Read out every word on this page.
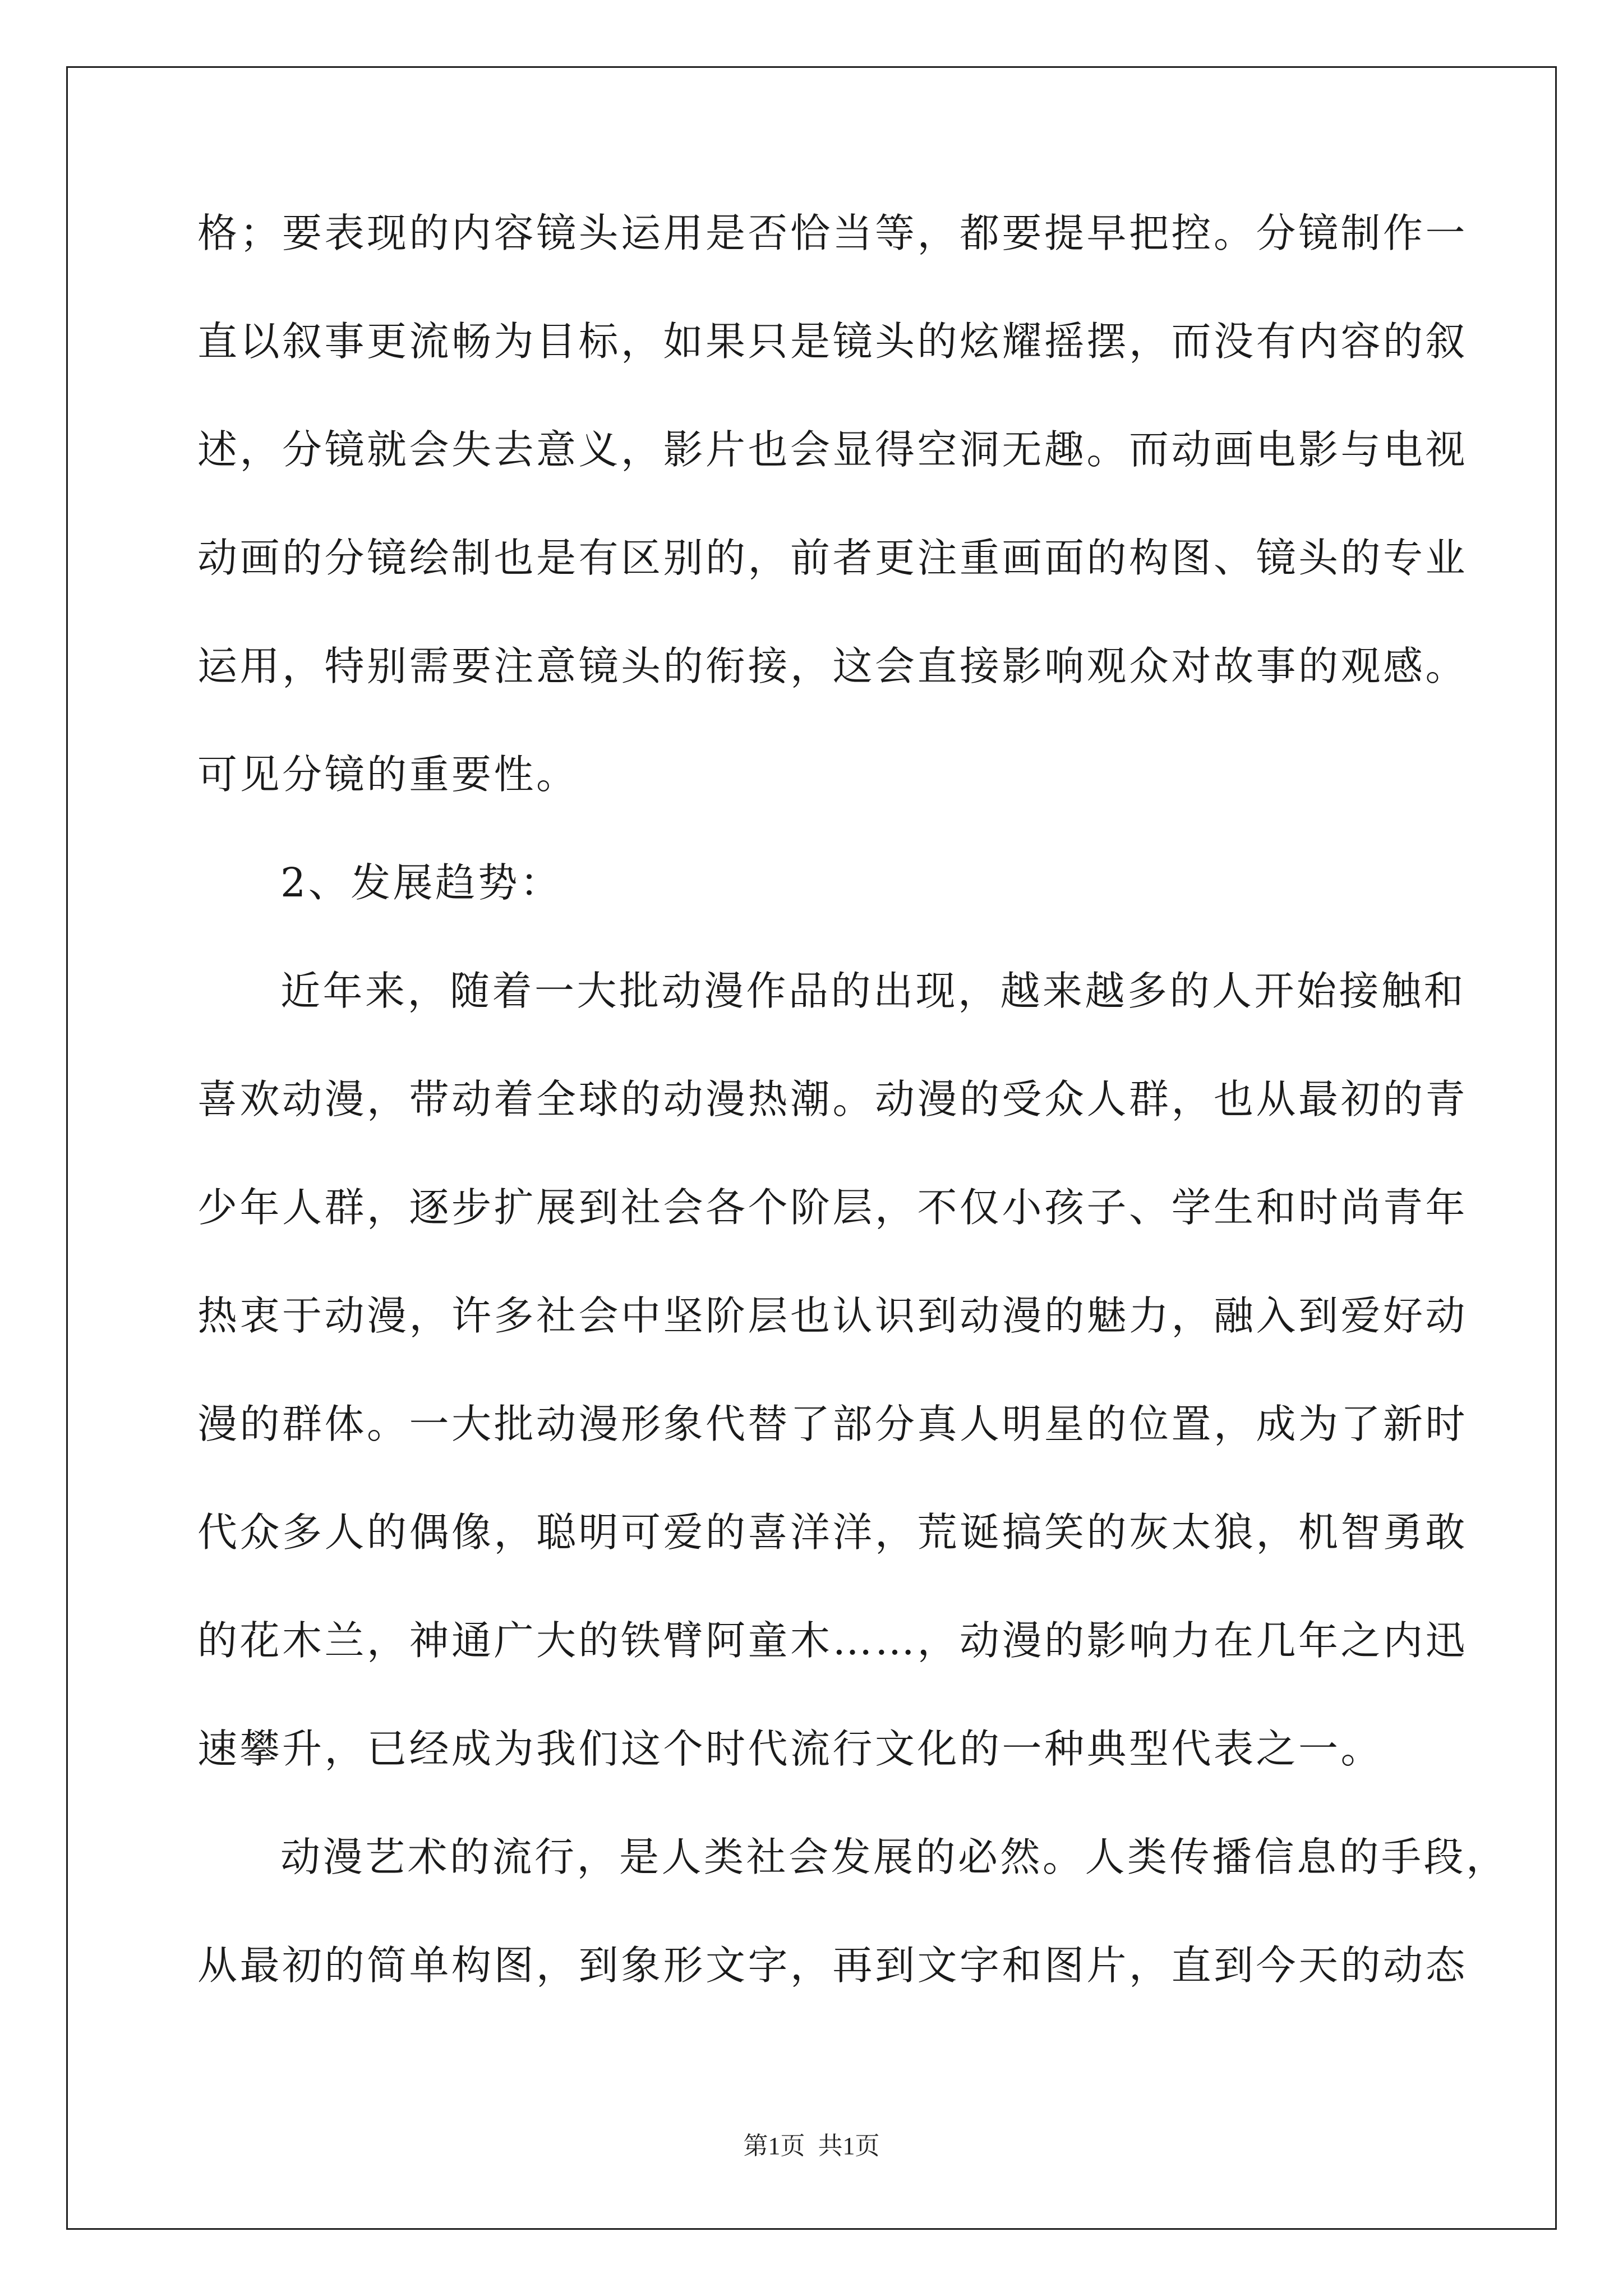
格；要表现的内容镜头运用是否恰当等，都要提早把控。分镜制作一
直以叙事更流畅为目标，如果只是镜头的炫耀摇摆，而没有内容的叙
述，分镜就会失去意义，影片也会显得空洞无趣。而动画电影与电视
动画的分镜绘制也是有区别的，前者更注重画面的构图、镜头的专业
运用，特别需要注意镜头的衔接，这会直接影响观众对故事的观感。
可见分镜的重要性。
2、发展趋势：
近年来，随着一大批动漫作品的出现，越来越多的人开始接触和
喜欢动漫，带动着全球的动漫热潮。动漫的受众人群，也从最初的青
少年人群，逐步扩展到社会各个阶层，不仅小孩子、学生和时尚青年
热衷于动漫，许多社会中坚阶层也认识到动漫的魅力，融入到爱好动
漫的群体。一大批动漫形象代替了部分真人明星的位置，成为了新时
代众多人的偶像，聪明可爱的喜洋洋，荒诞搞笑的灰太狼，机智勇敢
的花木兰，神通广大的铁臂阿童木……，动漫的影响力在几年之内迅
速攀升，已经成为我们这个时代流行文化的一种典型代表之一。
动漫艺术的流行，是人类社会发展的必然。人类传播信息的手段，
从最初的简单构图，到象形文字，再到文字和图片，直到今天的动态
第1页 共1页
